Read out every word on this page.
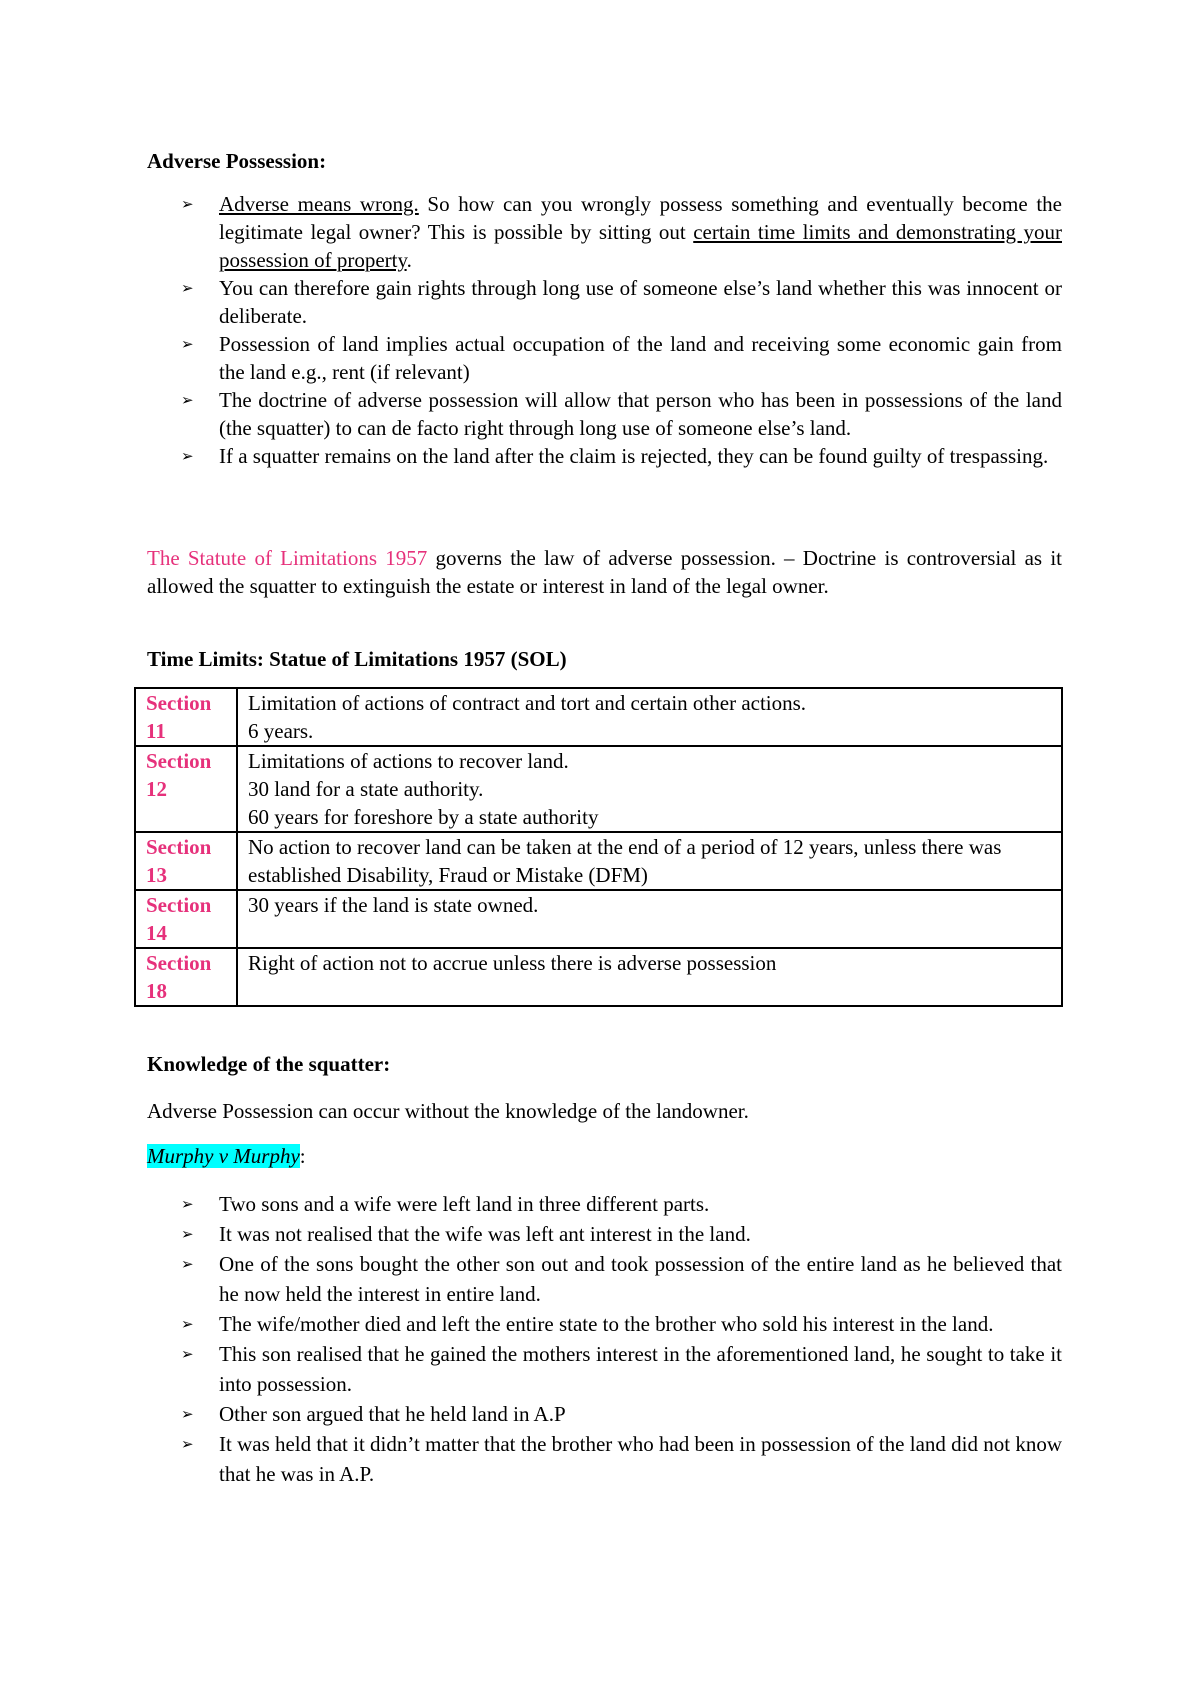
Adverse Possession:
➢ Adverse means wrong. So how can you wrongly possess something and eventually become the legitimate legal owner? This is possible by sitting out certain time limits and demonstrating your possession of property.
➢ You can therefore gain rights through long use of someone else’s land whether this was innocent or deliberate.
➢ Possession of land implies actual occupation of the land and receiving some economic gain from the land e.g., rent (if relevant)
➢ The doctrine of adverse possession will allow that person who has been in possessions of the land (the squatter) to can de facto right through long use of someone else’s land.
➢ If a squatter remains on the land after the claim is rejected, they can be found guilty of trespassing.
The Statute of Limitations 1957 governs the law of adverse possession. – Doctrine is controversial as it allowed the squatter to extinguish the estate or interest in land of the legal owner.
Time Limits: Statue of Limitations 1957 (SOL)
Section 11	Limitation of actions of contract and tort and certain other actions.
6 years.

Section 12	Limitations of actions to recover land.
30 land for a state authority.
60 years for foreshore by a state authority

Section 13	No action to recover land can be taken at the end of a period of 12 years, unless there was established Disability, Fraud or Mistake (DFM)

Section 14	30 years if the land is state owned.

Section 18	Right of action not to accrue unless there is adverse possession
Knowledge of the squatter:
Adverse Possession can occur without the knowledge of the landowner.
Murphy v Murphy:
➢ Two sons and a wife were left land in three different parts.
➢ It was not realised that the wife was left ant interest in the land.
➢ One of the sons bought the other son out and took possession of the entire land as he believed that he now held the interest in entire land.
➢ The wife/mother died and left the entire state to the brother who sold his interest in the land.
➢ This son realised that he gained the mothers interest in the aforementioned land, he sought to take it into possession.
➢ Other son argued that he held land in A.P
➢ It was held that it didn’t matter that the brother who had been in possession of the land did not know that he was in A.P.
